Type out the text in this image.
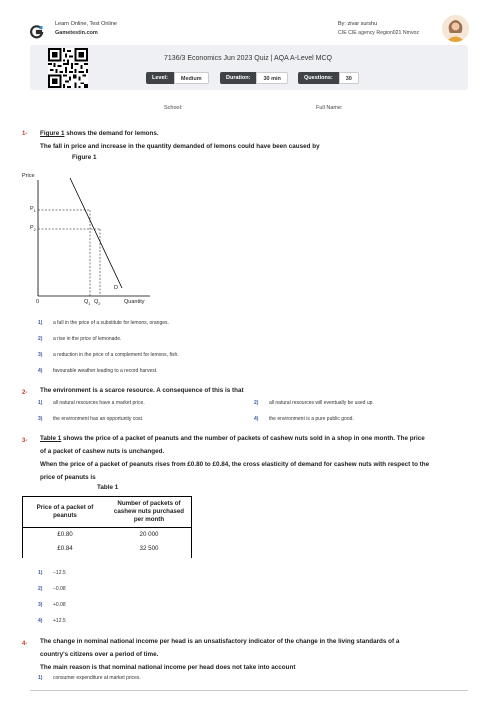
Learn Online, Test Online
Gametestin.com
By: zivar surshu
CIE CIE agency Region021 Nmvoz
7136/3 Economics Jun 2023 Quiz | AQA A-Level MCQ
Level:	Medium	Duration:	30 min	Questions:	30
School:	Full Name:
1- Figure 1 shows the demand for lemons.
The fall in price and increase in the quantity demanded of lemons could have been caused by
Figure 1
Price
$P_1$
$P_2$
0	$Q_1$ $Q_2$	Quantity
D
1) a fall in the price of a substitute for lemons, oranges.
2) a rise in the price of lemonade.
3) a reduction in the price of a complement for lemons, fish.
4) favourable weather leading to a record harvest.
2- The environment is a scarce resource. A consequence of this is that
1) all natural resources have a market price.	2) all natural resources will eventually be used up.
3) the environment has an opportunity cost.	4) the environment is a pure public good.
3- Table 1 shows the price of a packet of peanuts and the number of packets of cashew nuts sold in a shop in one month. The price
of a packet of cashew nuts is unchanged.
When the price of a packet of peanuts rises from £0.80 to £0.84, the cross elasticity of demand for cashew nuts with respect to the
price of peanuts is
Table 1
Price of a packet of peanuts	Number of packets of cashew nuts purchased per month
£0.80	20 000
£0.84	32 500
1) −12.5
2) −0.08
3) +0.08
4) +12.5
4- The change in nominal national income per head is an unsatisfactory indicator of the change in the living standards of a
country's citizens over a period of time.
The main reason is that nominal national income per head does not take into account
1) consumer expenditure at market prices.
